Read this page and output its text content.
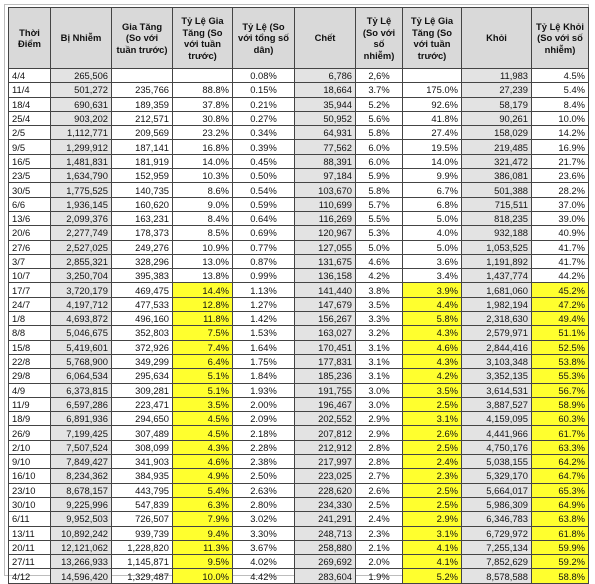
Thời Điểm	Bị Nhiễm	Gia Tăng (So với tuần trước)	Tỷ Lệ Gia Tăng (So với tuần trước)	Tỷ Lệ (So với tổng số dân)	Chết	Tỷ Lệ (So với số nhiễm)	Tỷ Lệ Gia Tăng (So với tuần trước)	Khỏi	Tỷ Lệ Khỏi (So với số nhiễm)
4/4	265,506			0.08%	6,786	2,6%		11,983	4.5%
11/4	501,272	235,766	88.8%	0.15%	18,664	3.7%	175.0%	27,239	5.4%
18/4	690,631	189,359	37.8%	0.21%	35,944	5.2%	92.6%	58,179	8.4%
25/4	903,202	212,571	30.8%	0.27%	50,952	5.6%	41.8%	90,261	10.0%
2/5	1,112,771	209,569	23.2%	0.34%	64,931	5.8%	27.4%	158,029	14.2%
9/5	1,299,912	187,141	16.8%	0.39%	77,562	6.0%	19.5%	219,485	16.9%
16/5	1,481,831	181,919	14.0%	0.45%	88,391	6.0%	14.0%	321,472	21.7%
23/5	1,634,790	152,959	10.3%	0.50%	97,184	5.9%	9.9%	386,081	23.6%
30/5	1,775,525	140,735	8.6%	0.54%	103,670	5.8%	6.7%	501,388	28.2%
6/6	1,936,145	160,620	9.0%	0.59%	110,699	5.7%	6.8%	715,511	37.0%
13/6	2,099,376	163,231	8.4%	0.64%	116,269	5.5%	5.0%	818,235	39.0%
20/6	2,277,749	178,373	8.5%	0.69%	120,967	5.3%	4.0%	932,188	40.9%
27/6	2,527,025	249,276	10.9%	0.77%	127,055	5.0%	5.0%	1,053,525	41.7%
3/7	2,855,321	328,296	13.0%	0.87%	131,675	4.6%	3.6%	1,191,892	41.7%
10/7	3,250,704	395,383	13.8%	0.99%	136,158	4.2%	3.4%	1,437,774	44.2%
17/7	3,720,179	469,475	14.4%	1.13%	141,440	3.8%	3.9%	1,681,060	45.2%
24/7	4,197,712	477,533	12.8%	1.27%	147,679	3.5%	4.4%	1,982,194	47.2%
1/8	4,693,872	496,160	11.8%	1.42%	156,267	3.3%	5.8%	2,318,630	49.4%
8/8	5,046,675	352,803	7.5%	1.53%	163,027	3.2%	4.3%	2,579,971	51.1%
15/8	5,419,601	372,926	7.4%	1.64%	170,451	3.1%	4.6%	2,844,416	52.5%
22/8	5,768,900	349,299	6.4%	1.75%	177,831	3.1%	4.3%	3,103,348	53.8%
29/8	6,064,534	295,634	5.1%	1.84%	185,236	3.1%	4.2%	3,352,135	55.3%
4/9	6,373,815	309,281	5.1%	1.93%	191,755	3.0%	3.5%	3,614,531	56.7%
11/9	6,597,286	223,471	3.5%	2.00%	196,467	3.0%	2.5%	3,887,527	58.9%
18/9	6,891,936	294,650	4.5%	2.09%	202,552	2.9%	3.1%	4,159,095	60.3%
26/9	7,199,425	307,489	4.5%	2.18%	207,812	2.9%	2.6%	4,441,966	61.7%
2/10	7,507,524	308,099	4.3%	2.28%	212,912	2.8%	2.5%	4,750,176	63.3%
9/10	7,849,427	341,903	4.6%	2.38%	217,997	2.8%	2.4%	5,038,155	64.2%
16/10	8,234,362	384,935	4.9%	2.50%	223,025	2.7%	2.3%	5,329,170	64.7%
23/10	8,678,157	443,795	5.4%	2.63%	228,620	2.6%	2.5%	5,664,017	65.3%
30/10	9,225,996	547,839	6.3%	2.80%	234,330	2.5%	2.5%	5,986,309	64.9%
6/11	9,952,503	726,507	7.9%	3.02%	241,291	2.4%	2.9%	6,346,783	63.8%
13/11	10,892,242	939,739	9.4%	3.30%	248,713	2.3%	3.1%	6,729,972	61.8%
20/11	12,121,062	1,228,820	11.3%	3.67%	258,880	2.1%	4.1%	7,255,134	59.9%
27/11	13,266,933	1,145,871	9.5%	4.02%	269,692	2.0%	4.1%	7,852,629	59.2%
4/12	14,596,420	1,329,487	10.0%	4.42%	283,604	1.9%	5.2%	8,578,588	58.8%
